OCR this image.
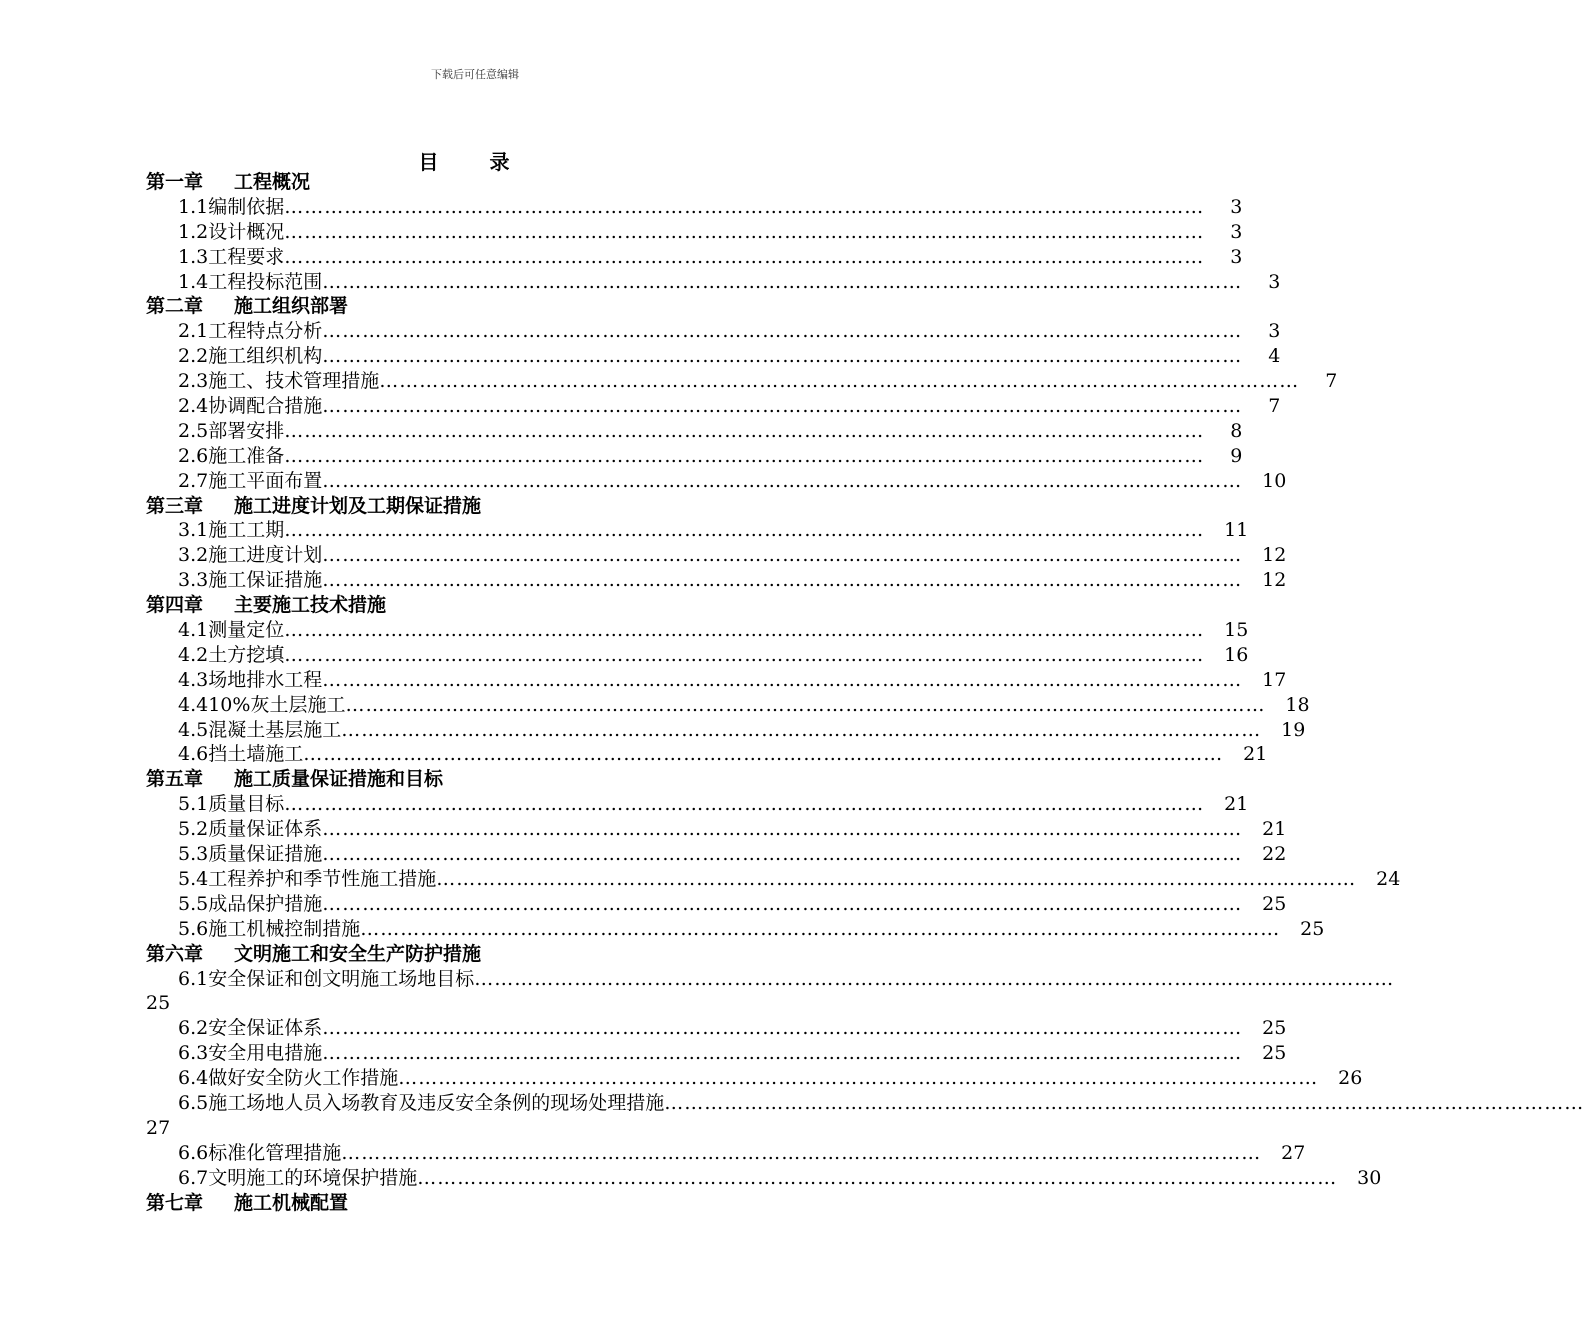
下载后可任意编辑
目 录
第一章 工程概况
1.1 编制依据 …………………………………………………………………………………………………………………………	3
1.2 设计概况 …………………………………………………………………………………………………………………………	3
1.3 工程要求 …………………………………………………………………………………………………………………………	3
1.4 工程投标范围 …………………………………………………………………………………………………………………………	3
第二章 施工组织部署
2.1 工程特点分析 …………………………………………………………………………………………………………………………	3
2.2 施工组织机构 …………………………………………………………………………………………………………………………	4
2.3 施工、技术管理措施 …………………………………………………………………………………………………………………………	7
2.4 协调配合措施 …………………………………………………………………………………………………………………………	7
2.5 部署安排 …………………………………………………………………………………………………………………………	8
2.6 施工准备 …………………………………………………………………………………………………………………………	9
2.7 施工平面布置 …………………………………………………………………………………………………………………………	10
第三章 施工进度计划及工期保证措施
3.1 施工工期 …………………………………………………………………………………………………………………………	11
3.2 施工进度计划 …………………………………………………………………………………………………………………………	12
3.3 施工保证措施 …………………………………………………………………………………………………………………………	12
第四章 主要施工技术措施
4.1 测量定位 …………………………………………………………………………………………………………………………	15
4.2 土方挖填 …………………………………………………………………………………………………………………………	16
4.3 场地排水工程 …………………………………………………………………………………………………………………………	17
4.4 10%灰土层施工 …………………………………………………………………………………………………………………………	18
4.5 混凝土基层施工 …………………………………………………………………………………………………………………………	19
4.6 挡土墙施工 …………………………………………………………………………………………………………………………	21
第五章 施工质量保证措施和目标
5.1 质量目标 …………………………………………………………………………………………………………………………	21
5.2 质量保证体系 …………………………………………………………………………………………………………………………	21
5.3 质量保证措施 …………………………………………………………………………………………………………………………	22
5.4 工程养护和季节性施工措施 …………………………………………………………………………………………………………………………	24
5.5 成品保护措施 …………………………………………………………………………………………………………………………	25
5.6 施工机械控制措施 …………………………………………………………………………………………………………………………	25
第六章 文明施工和安全生产防护措施
6.1 安全保证和创文明施工场地目标 …………………………………………………………………………………………………………………………
25
6.2 安全保证体系 …………………………………………………………………………………………………………………………	25
6.3 安全用电措施 …………………………………………………………………………………………………………………………	25
6.4 做好安全防火工作措施 …………………………………………………………………………………………………………………………	26
6.5 施工场地人员入场教育及违反安全条例的现场处理措施 …………………………………………………………………………………………………………………………
27
6.6 标准化管理措施 …………………………………………………………………………………………………………………………	27
6.7 文明施工的环境保护措施 …………………………………………………………………………………………………………………………	30
第七章 施工机械配置
